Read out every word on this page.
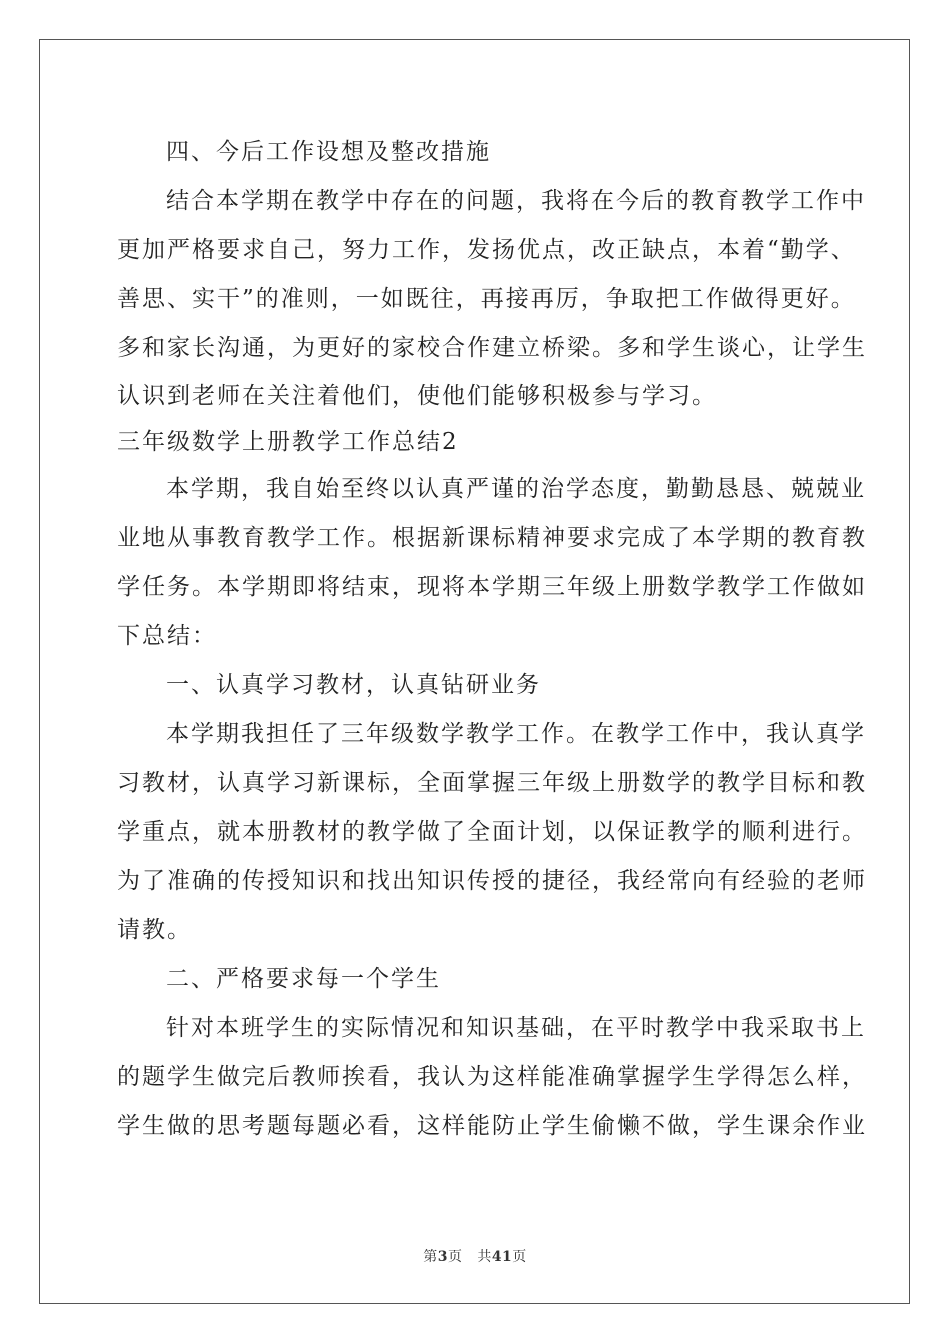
四、今后工作设想及整改措施
结合本学期在教学中存在的问题，我将在今后的教育教学工作中
更加严格要求自己，努力工作，发扬优点，改正缺点，本着“勤学、
善思、实干”的准则，一如既往，再接再厉，争取把工作做得更好。
多和家长沟通，为更好的家校合作建立桥梁。多和学生谈心，让学生
认识到老师在关注着他们，使他们能够积极参与学习。
三年级数学上册教学工作总结2
本学期，我自始至终以认真严谨的治学态度，勤勤恳恳、兢兢业
业地从事教育教学工作。根据新课标精神要求完成了本学期的教育教
学任务。本学期即将结束，现将本学期三年级上册数学教学工作做如
下总结：
一、认真学习教材，认真钻研业务
本学期我担任了三年级数学教学工作。在教学工作中，我认真学
习教材，认真学习新课标，全面掌握三年级上册数学的教学目标和教
学重点，就本册教材的教学做了全面计划，以保证教学的顺利进行。
为了准确的传授知识和找出知识传授的捷径，我经常向有经验的老师
请教。
二、严格要求每一个学生
针对本班学生的实际情况和知识基础，在平时教学中我采取书上
的题学生做完后教师挨看，我认为这样能准确掌握学生学得怎么样，
学生做的思考题每题必看，这样能防止学生偷懒不做，学生课余作业
第3页 共41页
